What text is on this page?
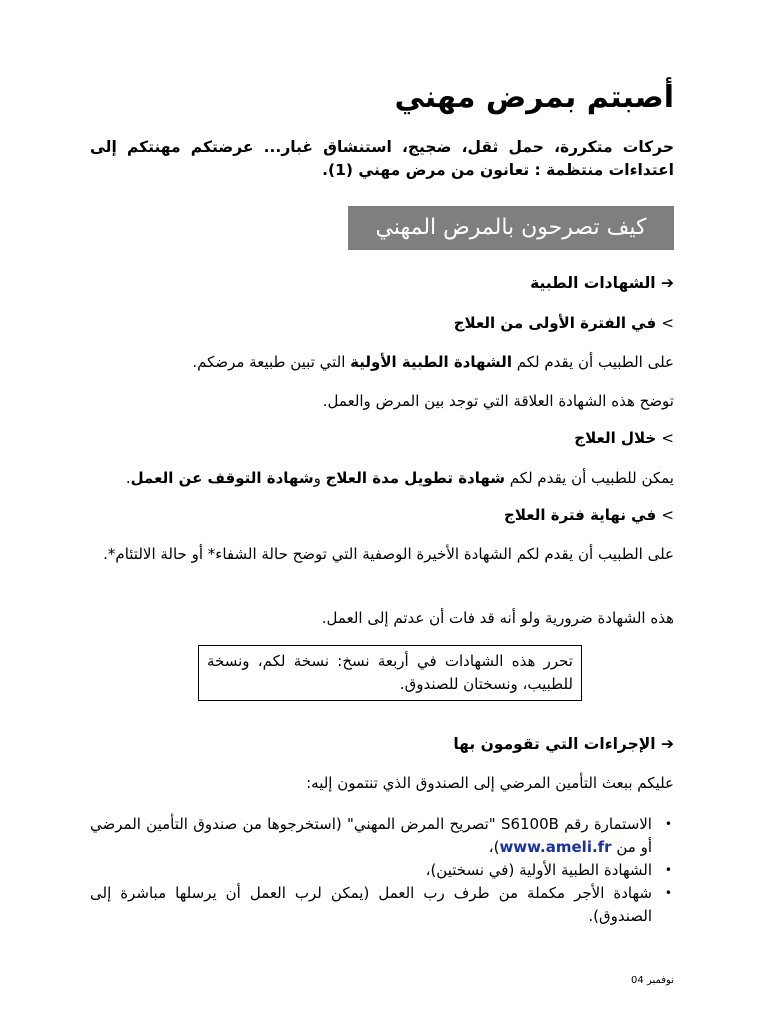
أصبتم بمرض مهني

حركات متكررة، حمل ثقل، ضجيج، استنشاق غبار... عرضتكم مهنتكم إلى اعتداءات منتظمة : تعانون من مرض مهني (1).

كيف تصرحون بالمرض المهني
➔ الشهادات الطبية
> في الفترة الأولى من العلاج

على الطبيب أن يقدم لكم الشهادة الطبية الأولية التي تبين طبيعة مرضكم.

توضح هذه الشهادة العلاقة التي توجد بين المرض والعمل.

> خلال العلاج

يمكن للطبيب أن يقدم لكم شهادة تطويل مدة العلاج وشهادة التوقف عن العمل.

> في نهاية فترة العلاج

على الطبيب أن يقدم لكم الشهادة الأخيرة الوصفية التي توضح حالة الشفاء* أو حالة الالتئام*.

هذه الشهادة ضرورية ولو أنه قد فات أن عدتم إلى العمل.

تحرر هذه الشهادات في أربعة نسخ: نسخة لكم، ونسخة للطبيب، ونسختان للصندوق.
➔ الإجراءات التي تقومون بها

عليكم ببعث التأمين المرضي إلى الصندوق الذي تنتمون إليه:

•
الاستمارة رقم S6100B "تصريح المرض المهني" (استخرجوها من صندوق التأمين المرضي أو من www.ameli.fr)،
•
الشهادة الطبية الأولية (في نسختين)،
•
شهادة الأجر مكملة من طرف رب العمل (يمكن لرب العمل أن يرسلها مباشرة إلى الصندوق).
نوفمبر 04
